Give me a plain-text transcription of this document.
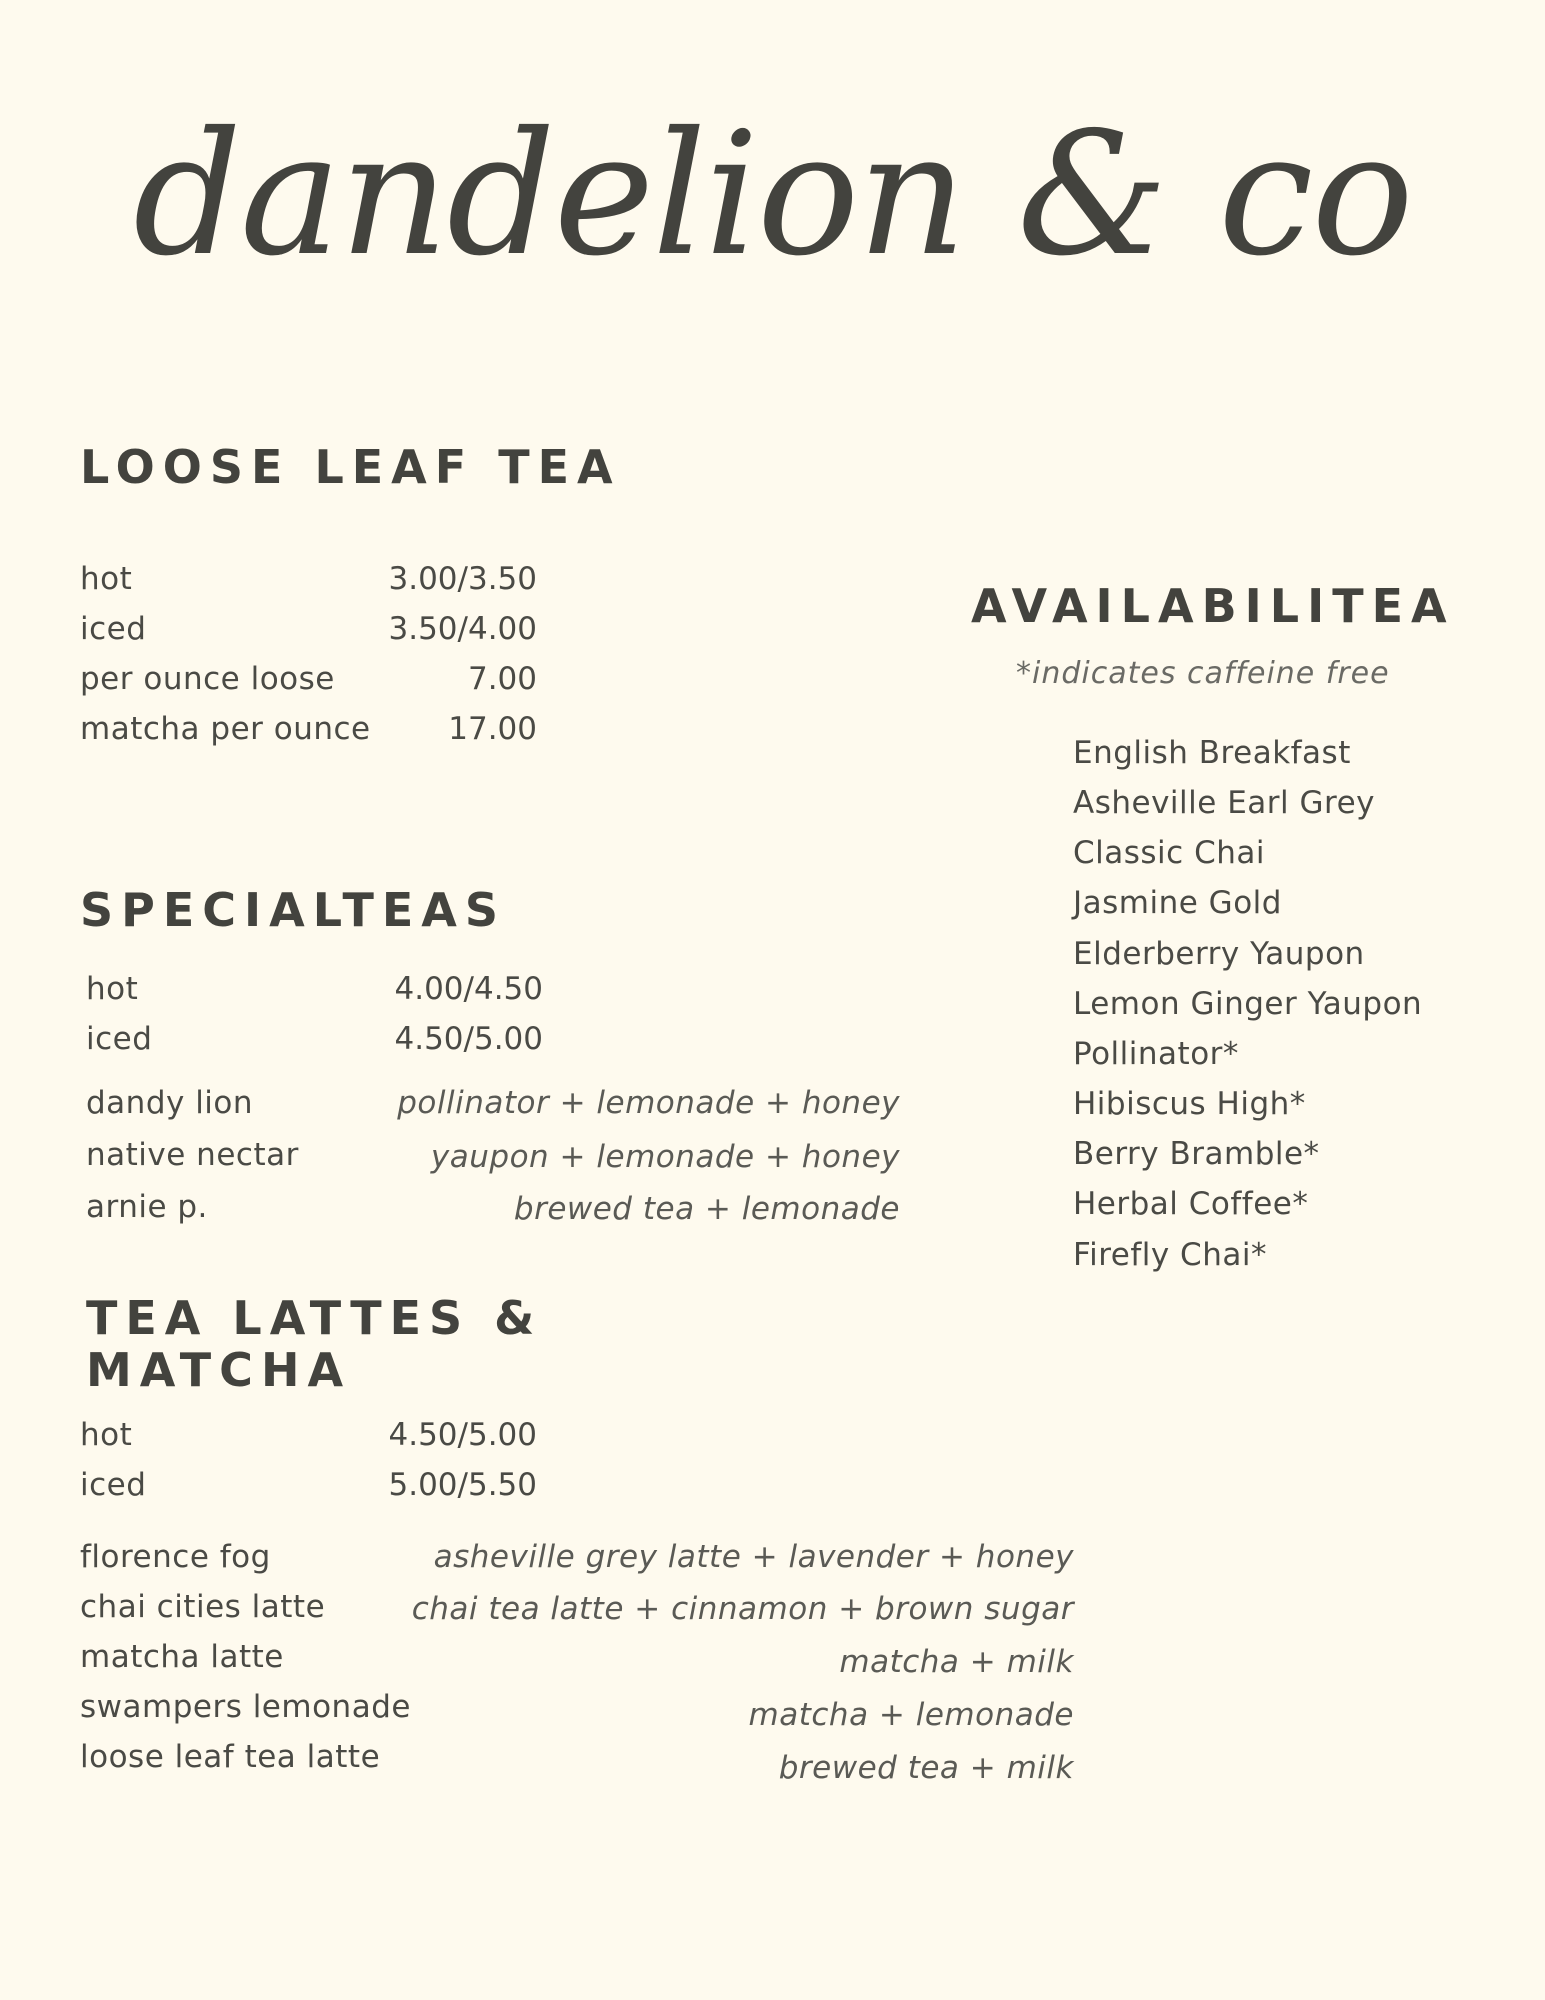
dandelion & co
LOOSE LEAF TEA
hot	3.00/3.50
iced	3.50/4.00
per ounce loose	7.00
matcha per ounce	17.00
SPECIALTEAS
hot	4.00/4.50
iced	4.50/5.00
dandy lion	pollinator + lemonade + honey
native nectar	yaupon + lemonade + honey
arnie p.	brewed tea + lemonade
TEA LATTES &
MATCHA
hot	4.50/5.00
iced	5.00/5.50
florence fog	asheville grey latte + lavender + honey
chai cities latte	chai tea latte + cinnamon + brown sugar
matcha latte	matcha + milk
swampers lemonade	matcha + lemonade
loose leaf tea latte	brewed tea + milk
AVAILABILITEA
*indicates caffeine free
English Breakfast
Asheville Earl Grey
Classic Chai
Jasmine Gold
Elderberry Yaupon
Lemon Ginger Yaupon
Pollinator*
Hibiscus High*
Berry Bramble*
Herbal Coffee*
Firefly Chai*
